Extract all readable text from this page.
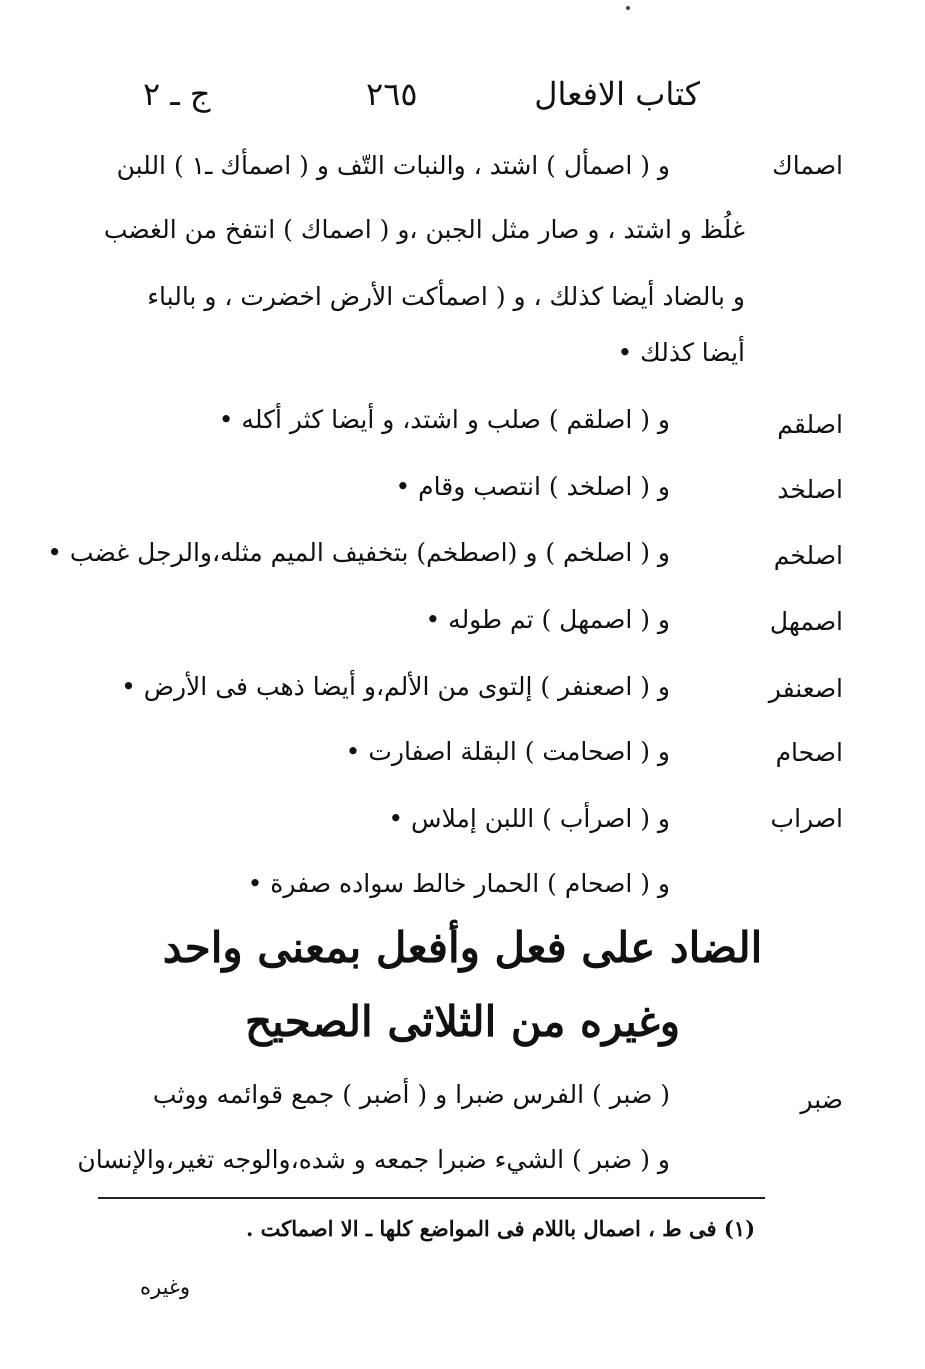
كتاب الافعال
٢٦٥
ج ـ ٢
اصماك
و ( اصمأل ) اشتد ، والنبات التّف و ( اصمأك ـ١ ) اللبن
غلُظ و اشتد ، و صار مثل الجبن ،و ( اصماك ) انتفخ من الغضب
و بالضاد أيضا كذلك ، و ( اصمأكت الأرض اخضرت ، و بالباء
أيضا كذلك •
اصلقم
و ( اصلقم ) صلب و اشتد، و أيضا كثر أكله •
اصلخد
و ( اصلخد ) انتصب وقام •
اصلخم
و ( اصلخم ) و (اصطخم) بتخفيف الميم مثله،والرجل غضب •
اصمهل
و ( اصمهل ) تم طوله •
اصعنفر
و ( اصعنفر ) إلتوى من الألم،و أيضا ذهب فى الأرض •
اصحام
و ( اصحامت ) البقلة اصفارت •
اصراب
و ( اصرأب ) اللبن إملاس •
و ( اصحام ) الحمار خالط سواده صفرة •
الضاد على فعل وأفعل بمعنى واحد
وغيره من الثلاثى الصحيح
ضبر
( ضبر ) الفرس ضبرا و ( أضبر ) جمع قوائمه ووثب
و ( ضبر ) الشيء ضبرا جمعه و شده،والوجه تغير،والإنسان
(١) فى ط ، اصمال باللام فى المواضع كلها ـ الا اصماكت .
وغيره
